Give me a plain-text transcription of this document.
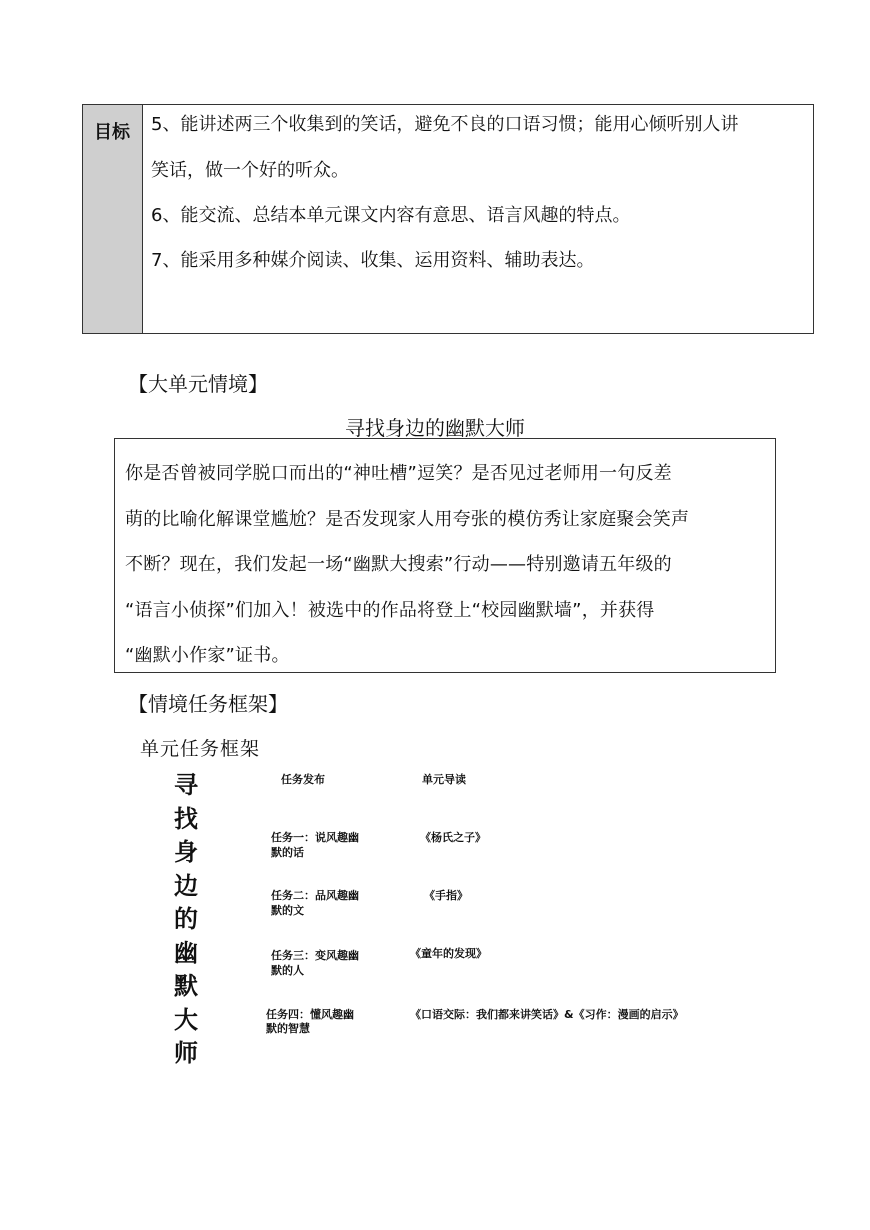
目标	5、能讲述两三个收集到的笑话，避免不良的口语习惯；能用心倾听别人讲

笑话，做一个好的听众。

6、能交流、总结本单元课文内容有意思、语言风趣的特点。

7、能采用多种媒介阅读、收集、运用资料、辅助表达。

【大单元情境】
寻找身边的幽默大师
你是否曾被同学脱口而出的“神吐槽”逗笑？是否见过老师用一句反差
萌的比喻化解课堂尴尬？是否发现家人用夸张的模仿秀让家庭聚会笑声
不断？现在，我们发起一场“幽默大搜索”行动——特别邀请五年级的
“语言小侦探”们加入！被选中的作品将登上“校园幽默墙”，并获得
“幽默小作家”证书。
【情境任务框架】
单元任务框架
寻
找
身
边
的
幽
默
大
师
任务发布	单元导读
任务一：说风趣幽
默的话
《杨氏之子》
任务二：品风趣幽
默的文
《手指》
任务三：变风趣幽
默的人
《童年的发现》
任务四：懂风趣幽
默的智慧
《口语交际：我们都来讲笑话》&《习作：漫画的启示》
